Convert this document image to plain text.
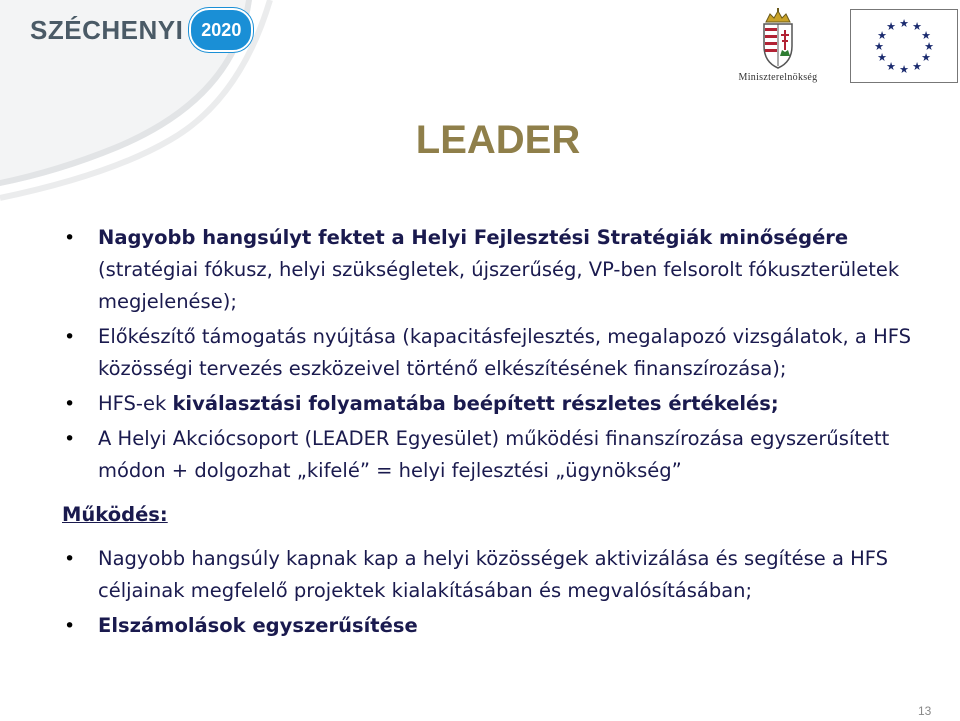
SZÉCHENYI 2020
Miniszterelnökség
★ ★
★
★
★
★
★
★
★
★
★
★
LEADER
• Nagyobb hangsúlyt fektet a Helyi Fejlesztési Stratégiák minőségére (stratégiai fókusz, helyi szükségletek, újszerűség, VP-ben felsorolt fókuszterületek megjelenése);
• Előkészítő támogatás nyújtása (kapacitásfejlesztés, megalapozó vizsgálatok, a HFS közösségi tervezés eszközeivel történő elkészítésének finanszírozása);
• HFS-ek kiválasztási folyamatába beépített részletes értékelés;
• A Helyi Akciócsoport (LEADER Egyesület) működési finanszírozása egyszerűsített módon + dolgozhat „kifelé” = helyi fejlesztési „ügynökség”
Működés:
• Nagyobb hangsúly kapnak kap a helyi közösségek aktivizálása és segítése a HFS céljainak megfelelő projektek kialakításában és megvalósításában;
• Elszámolások egyszerűsítése
13
